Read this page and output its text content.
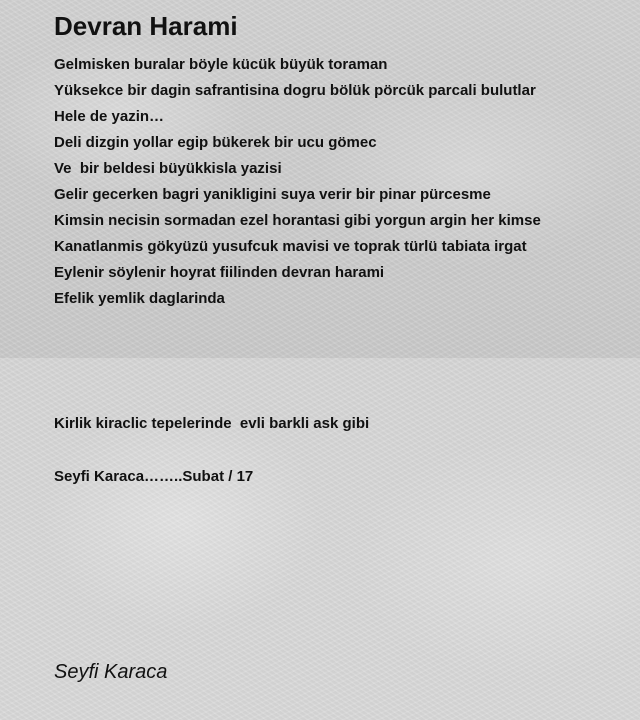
Devran Harami
Gelmisken buralar böyle kücük büyük toraman
Yüksekce bir dagin safrantisina dogru bölük pörcük parcali bulutlar
Hele de yazin…
Deli dizgin yollar egip bükerek bir ucu gömec
Ve  bir beldesi büyükkisla yazisi
Gelir gecerken bagri yanikligini suya verir bir pinar pürcesme
Kimsin necisin sormadan ezel horantasi gibi yorgun argin her kimse
Kanatlanmis gökyüzü yusufcuk mavisi ve toprak türlü tabiata irgat
Eylenir söylenir hoyrat fiilinden devran harami
Efelik yemlik daglarinda

Kirlik kiraclic tepelerinde  evli barkli ask gibi

Seyfi Karaca……..Subat / 17

Seyfi Karaca
